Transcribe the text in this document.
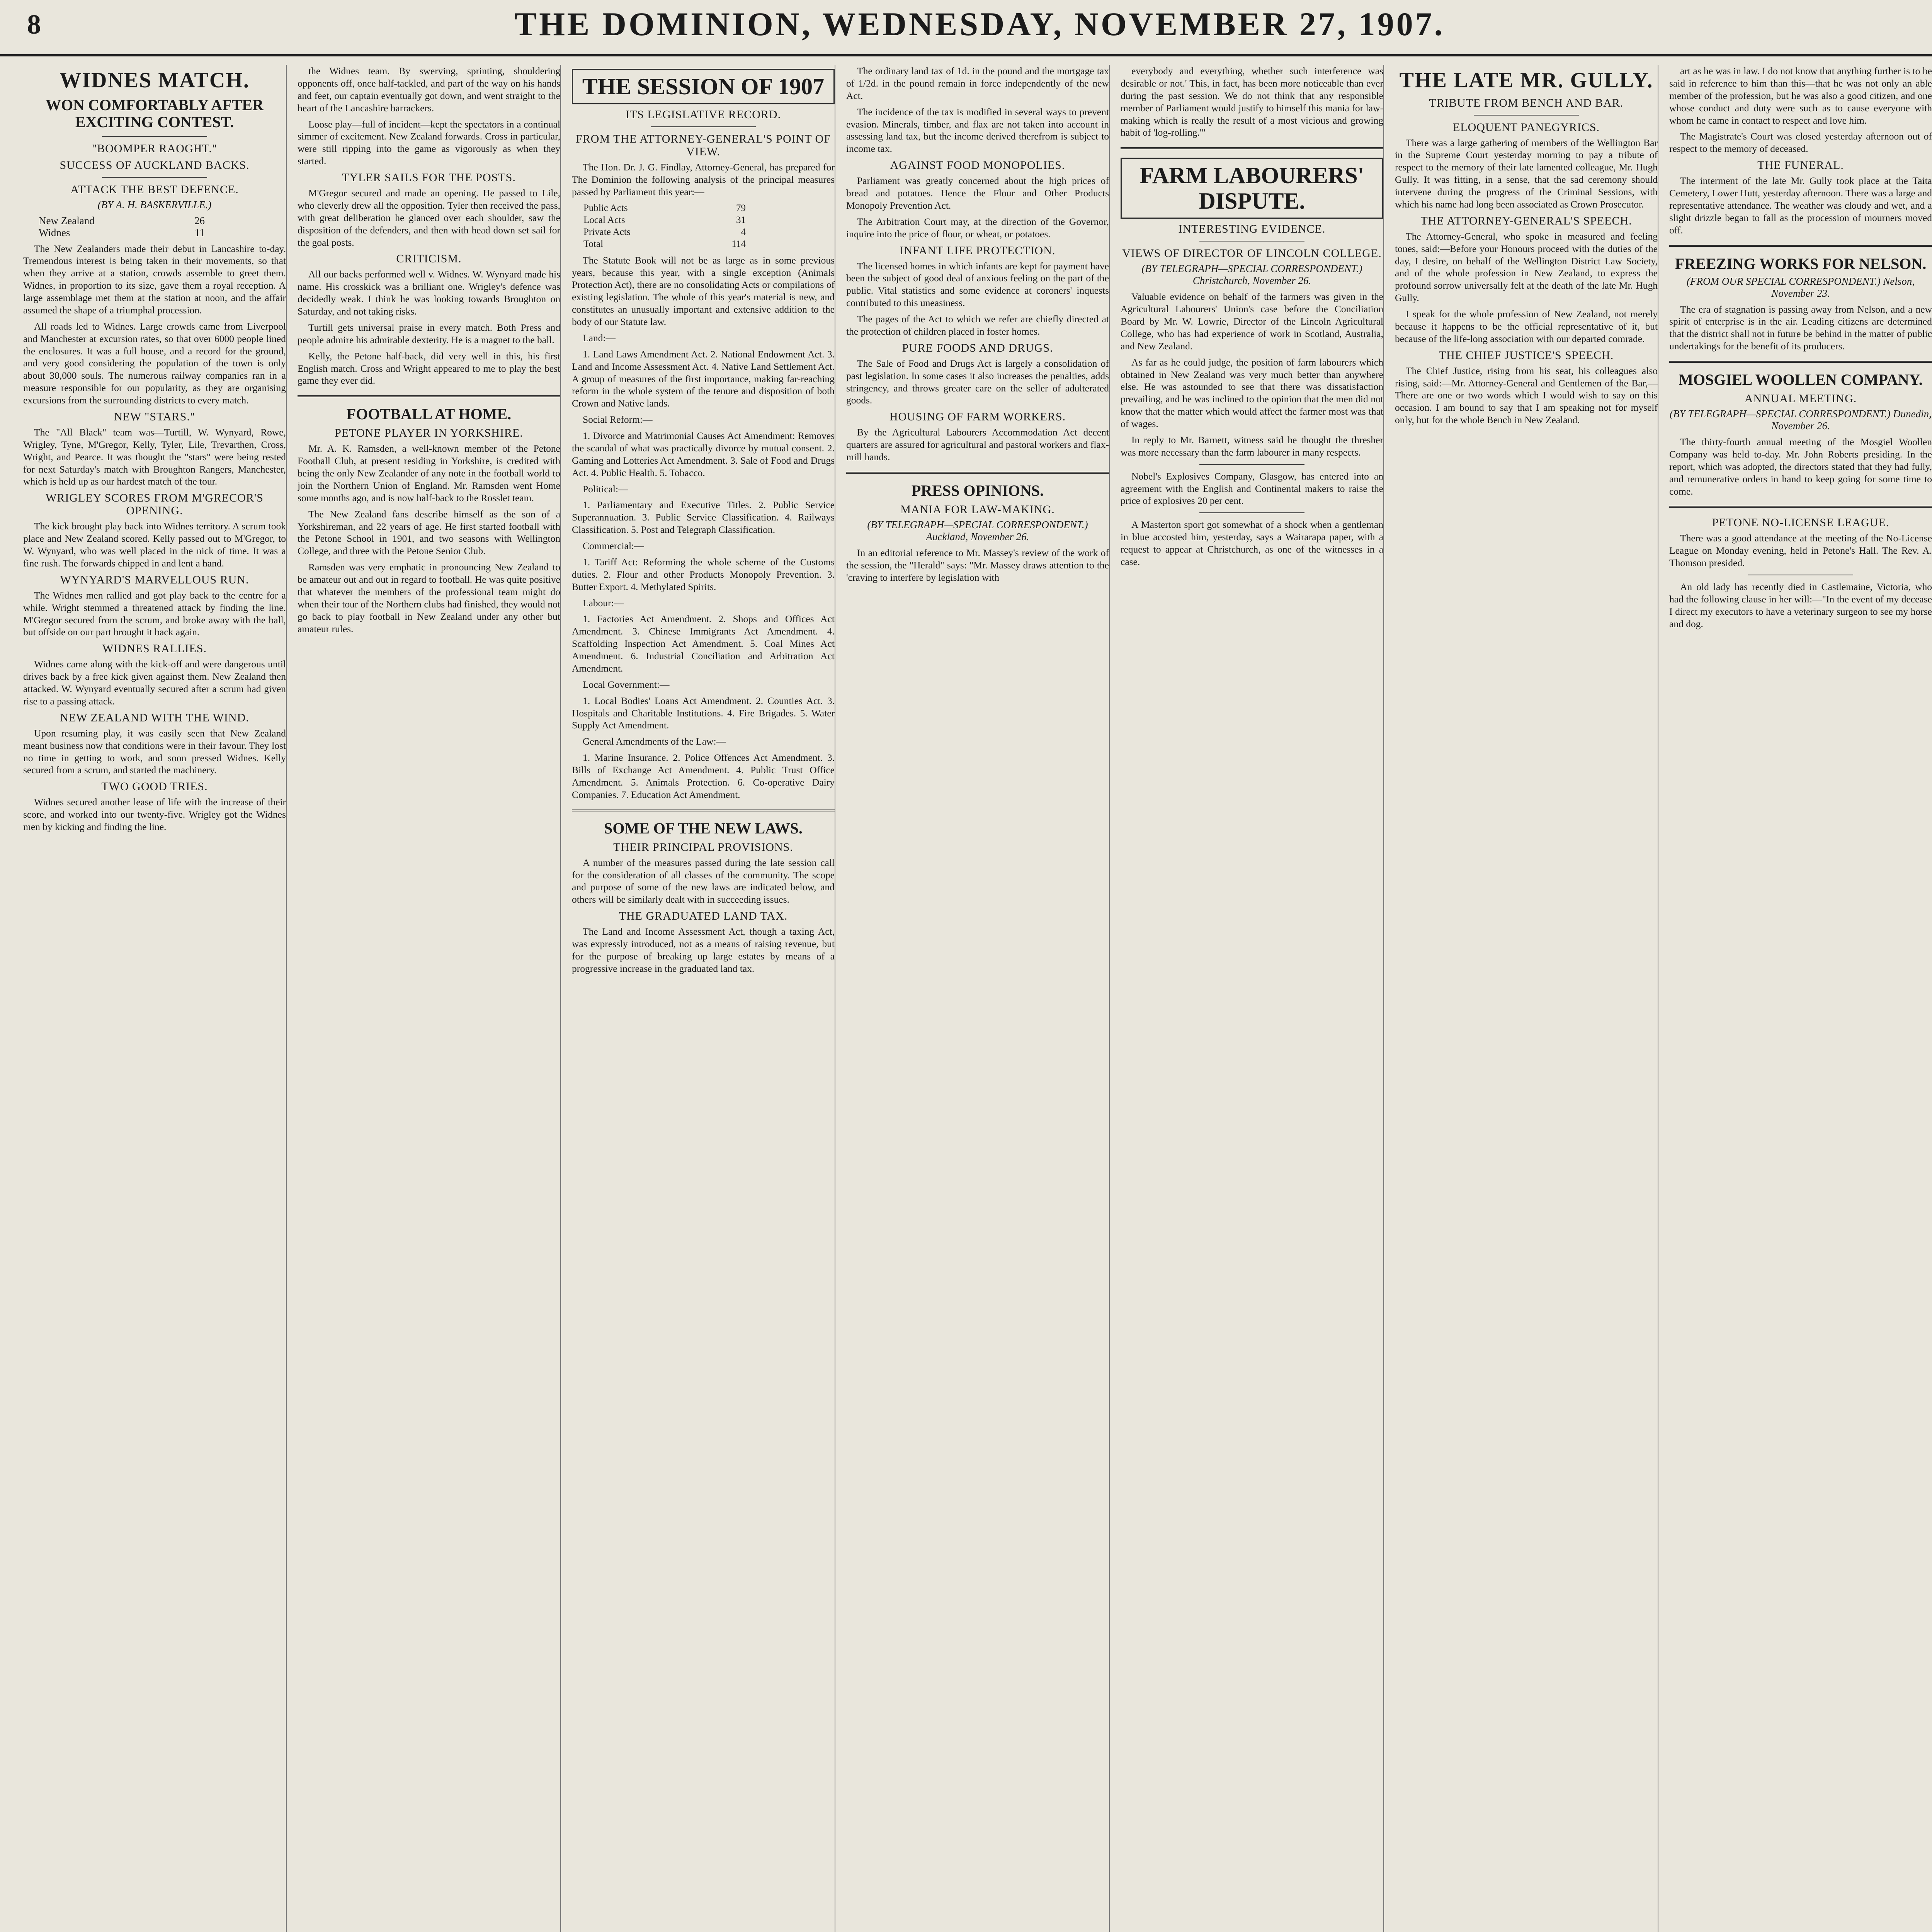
8	THE DOMINION, WEDNESDAY, NOVEMBER 27, 1907.
WIDNES MATCH.
WON COMFORTABLY AFTER EXCITING CONTEST.
"BOOMPER RAOGHT."
SUCCESS OF AUCKLAND BACKS.
ATTACK THE BEST DEFENCE.
(BY A. H. BASKERVILLE.)
New Zealand	26
Widnes	11

The New Zealanders made their debut in Lancashire to-day. Tremendous interest is being taken in their movements, so that when they arrive at a station, crowds assemble to greet them. Widnes, in proportion to its size, gave them a royal reception. A large assemblage met them at the station at noon, and the affair assumed the shape of a triumphal procession.

All roads led to Widnes. Large crowds came from Liverpool and Manchester at excursion rates, so that over 6000 people lined the enclosures. It was a full house, and a record for the ground, and very good considering the population of the town is only about 30,000 souls. The numerous railway companies ran in a measure responsible for our popularity, as they are organising excursions from the surrounding districts to every match.

NEW "STARS."

The "All Black" team was—Turtill, W. Wynyard, Rowe, Wrigley, Tyne, M'Gregor, Kelly, Tyler, Lile, Trevarthen, Cross, Wright, and Pearce. It was thought the "stars" were being rested for next Saturday's match with Broughton Rangers, Manchester, which is held up as our hardest match of the tour.

WRIGLEY SCORES FROM M'GRECOR'S OPENING.

The kick brought play back into Widnes territory. A scrum took place and New Zealand scored. Kelly passed out to M'Gregor, to W. Wynyard, who was well placed in the nick of time. It was a fine rush. The forwards chipped in and lent a hand.

WYNYARD'S MARVELLOUS RUN.

The Widnes men rallied and got play back to the centre for a while. Wright stemmed a threatened attack by finding the line. M'Gregor secured from the scrum, and broke away with the ball, but offside on our part brought it back again.

WIDNES RALLIES.

Widnes came along with the kick-off and were dangerous until drives back by a free kick given against them. New Zealand then attacked. W. Wynyard eventually secured after a scrum had given rise to a passing attack.

NEW ZEALAND WITH THE WIND.

Upon resuming play, it was easily seen that New Zealand meant business now that conditions were in their favour. They lost no time in getting to work, and soon pressed Widnes. Kelly secured from a scrum, and started the machinery.

TWO GOOD TRIES.

Widnes secured another lease of life with the increase of their score, and worked into our twenty-five. Wrigley got the Widnes men by kicking and finding the line.

the Widnes team. By swerving, sprinting, shouldering opponents off, once half-tackled, and part of the way on his hands and feet, our captain eventually got down, and went straight to the heart of the Lancashire barrackers.

Loose play—full of incident—kept the spectators in a continual simmer of excitement. New Zealand forwards. Cross in particular, were still ripping into the game as vigorously as when they started.

TYLER SAILS FOR THE POSTS.

M'Gregor secured and made an opening. He passed to Lile, who cleverly drew all the opposition. Tyler then received the pass, with great deliberation he glanced over each shoulder, saw the disposition of the defenders, and then with head down set sail for the goal posts.

CRITICISM.

All our backs performed well v. Widnes. W. Wynyard made his name. His crosskick was a brilliant one. Wrigley's defence was decidedly weak. I think he was looking towards Broughton on Saturday, and not taking risks.

Turtill gets universal praise in every match. Both Press and people admire his admirable dexterity. He is a magnet to the ball.

Kelly, the Petone half-back, did very well in this, his first English match. Cross and Wright appeared to me to play the best game they ever did.

FOOTBALL AT HOME.
PETONE PLAYER IN YORKSHIRE.

Mr. A. K. Ramsden, a well-known member of the Petone Football Club, at present residing in Yorkshire, is credited with being the only New Zealander of any note in the football world to join the Northern Union of England. Mr. Ramsden went Home some months ago, and is now half-back to the Rosslet team.

The New Zealand fans describe himself as the son of a Yorkshireman, and 22 years of age. He first started football with the Petone School in 1901, and two seasons with Wellington College, and three with the Petone Senior Club.

Ramsden was very emphatic in pronouncing New Zealand to be amateur out and out in regard to football. He was quite positive that whatever the members of the professional team might do when their tour of the Northern clubs had finished, they would not go back to play football in New Zealand under any other but amateur rules.

THE SESSION OF 1907
ITS LEGISLATIVE RECORD.
FROM THE ATTORNEY-GENERAL'S POINT OF VIEW.

The Hon. Dr. J. G. Findlay, Attorney-General, has prepared for The Dominion the following analysis of the principal measures passed by Parliament this year:—

Public Acts	79
Local Acts	31
Private Acts	4
Total	114

The Statute Book will not be as large as in some previous years, because this year, with a single exception (Animals Protection Act), there are no consolidating Acts or compilations of existing legislation. The whole of this year's material is new, and constitutes an unusually important and extensive addition to the body of our Statute law.

Land:—

1. Land Laws Amendment Act. 2. National Endowment Act. 3. Land and Income Assessment Act. 4. Native Land Settlement Act. A group of measures of the first importance, making far-reaching reform in the whole system of the tenure and disposition of both Crown and Native lands.

Social Reform:—

1. Divorce and Matrimonial Causes Act Amendment: Removes the scandal of what was practically divorce by mutual consent. 2. Gaming and Lotteries Act Amendment. 3. Sale of Food and Drugs Act. 4. Public Health. 5. Tobacco.

Political:—

1. Parliamentary and Executive Titles. 2. Public Service Superannuation. 3. Public Service Classification. 4. Railways Classification. 5. Post and Telegraph Classification.

Commercial:—

1. Tariff Act: Reforming the whole scheme of the Customs duties. 2. Flour and other Products Monopoly Prevention. 3. Butter Export. 4. Methylated Spirits.

Labour:—

1. Factories Act Amendment. 2. Shops and Offices Act Amendment. 3. Chinese Immigrants Act Amendment. 4. Scaffolding Inspection Act Amendment. 5. Coal Mines Act Amendment. 6. Industrial Conciliation and Arbitration Act Amendment.

Local Government:—

1. Local Bodies' Loans Act Amendment. 2. Counties Act. 3. Hospitals and Charitable Institutions. 4. Fire Brigades. 5. Water Supply Act Amendment.

General Amendments of the Law:—

1. Marine Insurance. 2. Police Offences Act Amendment. 3. Bills of Exchange Act Amendment. 4. Public Trust Office Amendment. 5. Animals Protection. 6. Co-operative Dairy Companies. 7. Education Act Amendment.

SOME OF THE NEW LAWS.
THEIR PRINCIPAL PROVISIONS.

A number of the measures passed during the late session call for the consideration of all classes of the community. The scope and purpose of some of the new laws are indicated below, and others will be similarly dealt with in succeeding issues.

THE GRADUATED LAND TAX.

The Land and Income Assessment Act, though a taxing Act, was expressly introduced, not as a means of raising revenue, but for the purpose of breaking up large estates by means of a progressive increase in the graduated land tax.

The ordinary land tax of 1d. in the pound and the mortgage tax of 1/2d. in the pound remain in force independently of the new Act.

The incidence of the tax is modified in several ways to prevent evasion. Minerals, timber, and flax are not taken into account in assessing land tax, but the income derived therefrom is subject to income tax.

AGAINST FOOD MONOPOLIES.

Parliament was greatly concerned about the high prices of bread and potatoes. Hence the Flour and Other Products Monopoly Prevention Act.

The Arbitration Court may, at the direction of the Governor, inquire into the price of flour, or wheat, or potatoes.

INFANT LIFE PROTECTION.

The licensed homes in which infants are kept for payment have been the subject of good deal of anxious feeling on the part of the public. Vital statistics and some evidence at coroners' inquests contributed to this uneasiness.

The pages of the Act to which we refer are chiefly directed at the protection of children placed in foster homes.

PURE FOODS AND DRUGS.

The Sale of Food and Drugs Act is largely a consolidation of past legislation. In some cases it also increases the penalties, adds stringency, and throws greater care on the seller of adulterated goods.

HOUSING OF FARM WORKERS.

By the Agricultural Labourers Accommodation Act decent quarters are assured for agricultural and pastoral workers and flax-mill hands.

PRESS OPINIONS.
MANIA FOR LAW-MAKING.
(BY TELEGRAPH—SPECIAL CORRESPONDENT.) Auckland, November 26.

In an editorial reference to Mr. Massey's review of the work of the session, the "Herald" says: "Mr. Massey draws attention to the 'craving to interfere by legislation with

everybody and everything, whether such interference was desirable or not.' This, in fact, has been more noticeable than ever during the past session. We do not think that any responsible member of Parliament would justify to himself this mania for law-making which is really the result of a most vicious and growing habit of 'log-rolling.'"

FARM LABOURERS' DISPUTE.
INTERESTING EVIDENCE.
VIEWS OF DIRECTOR OF LINCOLN COLLEGE.
(BY TELEGRAPH—SPECIAL CORRESPONDENT.) Christchurch, November 26.

Valuable evidence on behalf of the farmers was given in the Agricultural Labourers' Union's case before the Conciliation Board by Mr. W. Lowrie, Director of the Lincoln Agricultural College, who has had experience of work in Scotland, Australia, and New Zealand.

As far as he could judge, the position of farm labourers which obtained in New Zealand was very much better than anywhere else. He was astounded to see that there was dissatisfaction prevailing, and he was inclined to the opinion that the men did not know that the matter which would affect the farmer most was that of wages.

In reply to Mr. Barnett, witness said he thought the thresher was more necessary than the farm labourer in many respects.

Nobel's Explosives Company, Glasgow, has entered into an agreement with the English and Continental makers to raise the price of explosives 20 per cent.

A Masterton sport got somewhat of a shock when a gentleman in blue accosted him, yesterday, says a Wairarapa paper, with a request to appear at Christchurch, as one of the witnesses in a case.

THE LATE MR. GULLY.
TRIBUTE FROM BENCH AND BAR.
ELOQUENT PANEGYRICS.

There was a large gathering of members of the Wellington Bar in the Supreme Court yesterday morning to pay a tribute of respect to the memory of their late lamented colleague, Mr. Hugh Gully. It was fitting, in a sense, that the sad ceremony should intervene during the progress of the Criminal Sessions, with which his name had long been associated as Crown Prosecutor.

THE ATTORNEY-GENERAL'S SPEECH.

The Attorney-General, who spoke in measured and feeling tones, said:—Before your Honours proceed with the duties of the day, I desire, on behalf of the Wellington District Law Society, and of the whole profession in New Zealand, to express the profound sorrow universally felt at the death of the late Mr. Hugh Gully.

I speak for the whole profession of New Zealand, not merely because it happens to be the official representative of it, but because of the life-long association with our departed comrade.

THE CHIEF JUSTICE'S SPEECH.

The Chief Justice, rising from his seat, his colleagues also rising, said:—Mr. Attorney-General and Gentlemen of the Bar,—There are one or two words which I would wish to say on this occasion. I am bound to say that I am speaking not for myself only, but for the whole Bench in New Zealand.

art as he was in law. I do not know that anything further is to be said in reference to him than this—that he was not only an able member of the profession, but he was also a good citizen, and one whose conduct and duty were such as to cause everyone with whom he came in contact to respect and love him.

The Magistrate's Court was closed yesterday afternoon out of respect to the memory of deceased.

THE FUNERAL.

The interment of the late Mr. Gully took place at the Taita Cemetery, Lower Hutt, yesterday afternoon. There was a large and representative attendance. The weather was cloudy and wet, and a slight drizzle began to fall as the procession of mourners moved off.

FREEZING WORKS FOR NELSON.
(FROM OUR SPECIAL CORRESPONDENT.) Nelson, November 23.

The era of stagnation is passing away from Nelson, and a new spirit of enterprise is in the air. Leading citizens are determined that the district shall not in future be behind in the matter of public undertakings for the benefit of its producers.

MOSGIEL WOOLLEN COMPANY.
ANNUAL MEETING.
(BY TELEGRAPH—SPECIAL CORRESPONDENT.) Dunedin, November 26.

The thirty-fourth annual meeting of the Mosgiel Woollen Company was held to-day. Mr. John Roberts presiding. In the report, which was adopted, the directors stated that they had fully, and remunerative orders in hand to keep going for some time to come.

PETONE NO-LICENSE LEAGUE.

There was a good attendance at the meeting of the No-License League on Monday evening, held in Petone's Hall. The Rev. A. Thomson presided.

An old lady has recently died in Castlemaine, Victoria, who had the following clause in her will:—"In the event of my decease I direct my executors to have a veterinary surgeon to see my horse and dog.
